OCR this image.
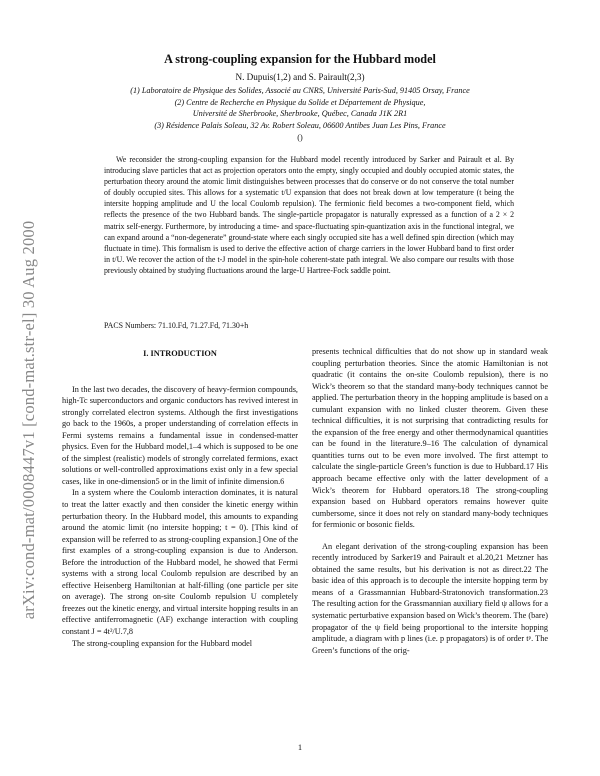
arXiv:cond-mat/0008447v1 [cond-mat.str-el] 30 Aug 2000
A strong-coupling expansion for the Hubbard model
N. Dupuis(1,2) and S. Pairault(2,3)
(1) Laboratoire de Physique des Solides, Associé au CNRS, Université Paris-Sud, 91405 Orsay, France
(2) Centre de Recherche en Physique du Solide et Département de Physique,
Université de Sherbrooke, Sherbrooke, Québec, Canada J1K 2R1
(3) Résidence Palais Soleau, 32 Av. Robert Soleau, 06600 Antibes Juan Les Pins, France
()
We reconsider the strong-coupling expansion for the Hubbard model recently introduced by Sarker and Pairault et al. By introducing slave particles that act as projection operators onto the empty, singly occupied and doubly occupied atomic states, the perturbation theory around the atomic limit distinguishes between processes that do conserve or do not conserve the total number of doubly occupied sites. This allows for a systematic t/U expansion that does not break down at low temperature (t being the intersite hopping amplitude and U the local Coulomb repulsion). The fermionic field becomes a two-component field, which reflects the presence of the two Hubbard bands. The single-particle propagator is naturally expressed as a function of a 2 × 2 matrix self-energy. Furthermore, by introducing a time- and space-fluctuating spin-quantization axis in the functional integral, we can expand around a “non-degenerate” ground-state where each singly occupied site has a well defined spin direction (which may fluctuate in time). This formalism is used to derive the effective action of charge carriers in the lower Hubbard band to first order in t/U. We recover the action of the t-J model in the spin-hole coherent-state path integral. We also compare our results with those previously obtained by studying fluctuations around the large-U Hartree-Fock saddle point.
PACS Numbers: 71.10.Fd, 71.27.Fd, 71.30+h
I. INTRODUCTION

In the last two decades, the discovery of heavy-fermion compounds, high-Tc superconductors and organic conductors has revived interest in strongly correlated electron systems. Although the first investigations go back to the 1960s, a proper understanding of correlation effects in Fermi systems remains a fundamental issue in condensed-matter physics. Even for the Hubbard model,1–4 which is supposed to be one of the simplest (realistic) models of strongly correlated fermions, exact solutions or well-controlled approximations exist only in a few special cases, like in one-dimension5 or in the limit of infinite dimension.6

In a system where the Coulomb interaction dominates, it is natural to treat the latter exactly and then consider the kinetic energy within perturbation theory. In the Hubbard model, this amounts to expanding around the atomic limit (no intersite hopping; t = 0). [This kind of expansion will be referred to as strong-coupling expansion.] One of the first examples of a strong-coupling expansion is due to Anderson. Before the introduction of the Hubbard model, he showed that Fermi systems with a strong local Coulomb repulsion are described by an effective Heisenberg Hamiltonian at half-filling (one particle per site on average). The strong on-site Coulomb repulsion U completely freezes out the kinetic energy, and virtual intersite hopping results in an effective antiferromagnetic (AF) exchange interaction with coupling constant J = 4t²/U.7,8

The strong-coupling expansion for the Hubbard model

presents technical difficulties that do not show up in standard weak coupling perturbation theories. Since the atomic Hamiltonian is not quadratic (it contains the on-site Coulomb repulsion), there is no Wick’s theorem so that the standard many-body techniques cannot be applied. The perturbation theory in the hopping amplitude is based on a cumulant expansion with no linked cluster theorem. Given these technical difficulties, it is not surprising that contradicting results for the expansion of the free energy and other thermodynamical quantities can be found in the literature.9–16 The calculation of dynamical quantities turns out to be even more involved. The first attempt to calculate the single-particle Green’s function is due to Hubbard.17 His approach became effective only with the latter development of a Wick’s theorem for Hubbard operators.18 The strong-coupling expansion based on Hubbard operators remains however quite cumbersome, since it does not rely on standard many-body techniques for fermionic or bosonic fields.

An elegant derivation of the strong-coupling expansion has been recently introduced by Sarker19 and Pairault et al.20,21 Metzner has obtained the same results, but his derivation is not as direct.22 The basic idea of this approach is to decouple the intersite hopping term by means of a Grassmannian Hubbard-Stratonovich transformation.23 The resulting action for the Grassmannian auxiliary field ψ allows for a systematic perturbative expansion based on Wick’s theorem. The (bare) propagator of the ψ field being proportional to the intersite hopping amplitude, a diagram with p lines (i.e. p propagators) is of order tᵖ. The Green’s functions of the orig-

1
